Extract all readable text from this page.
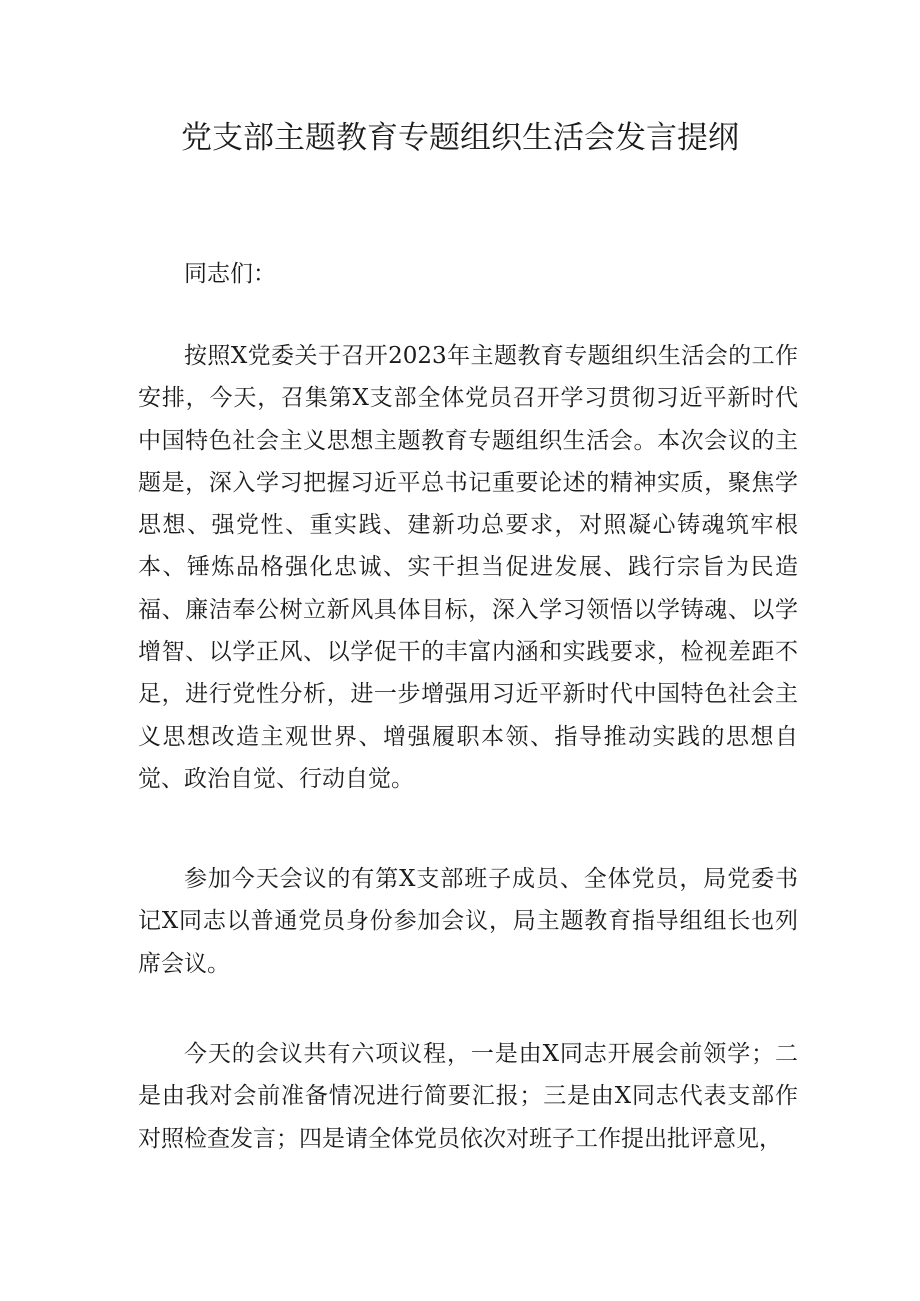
党支部主题教育专题组织生活会发言提纲

同志们：

按照X党委关于召开2023年主题教育专题组织生活会的工作安排，今天，召集第X支部全体党员召开学习贯彻习近平新时代中国特色社会主义思想主题教育专题组织生活会。本次会议的主题是，深入学习把握习近平总书记重要论述的精神实质，聚焦学思想、强党性、重实践、建新功总要求，对照凝心铸魂筑牢根本、锤炼品格强化忠诚、实干担当促进发展、践行宗旨为民造福、廉洁奉公树立新风具体目标，深入学习领悟以学铸魂、以学增智、以学正风、以学促干的丰富内涵和实践要求，检视差距不足，进行党性分析，进一步增强用习近平新时代中国特色社会主义思想改造主观世界、增强履职本领、指导推动实践的思想自觉、政治自觉、行动自觉。

参加今天会议的有第X支部班子成员、全体党员，局党委书记X同志以普通党员身份参加会议，局主题教育指导组组长也列席会议。

今天的会议共有六项议程，一是由X同志开展会前领学；二是由我对会前准备情况进行简要汇报；三是由X同志代表支部作对照检查发言；四是请全体党员依次对班子工作提出批评意见，
